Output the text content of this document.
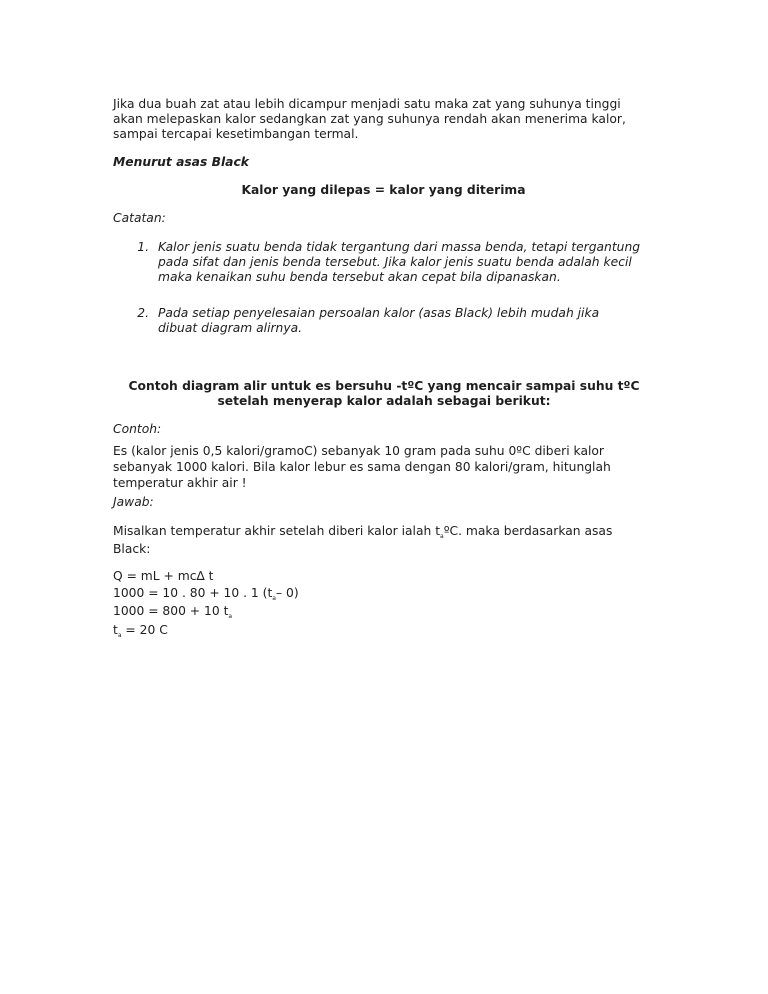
Jika dua buah zat atau lebih dicampur menjadi satu maka zat yang suhunya tinggi

akan melepaskan kalor sedangkan zat yang suhunya rendah akan menerima kalor,

sampai tercapai kesetimbangan termal.

Menurut asas Black

Kalor yang dilepas = kalor yang diterima

Catatan:

1. Kalor jenis suatu benda tidak tergantung dari massa benda, tetapi tergantung

pada sifat dan jenis benda tersebut. Jika kalor jenis suatu benda adalah kecil

maka kenaikan suhu benda tersebut akan cepat bila dipanaskan.

2. Pada setiap penyelesaian persoalan kalor (asas Black) lebih mudah jika

dibuat diagram alirnya.

Contoh diagram alir untuk es bersuhu -tºC yang mencair sampai suhu tºC

setelah menyerap kalor adalah sebagai berikut:

Contoh:

Es (kalor jenis 0,5 kalori/gramoC) sebanyak 10 gram pada suhu 0ºC diberi kalor

sebanyak 1000 kalori. Bila kalor lebur es sama dengan 80 kalori/gram, hitunglah

temperatur akhir air !

Jawab:

Misalkan temperatur akhir setelah diberi kalor ialah $t_aºC$. maka berdasarkan asas

Black:

Q = mL + mc∆ t

1000 = 10 . 80 + 10 . 1 ($t_a-$ 0)

1000 = 800 + 10 $t_a$

$t_a = 20$ C
